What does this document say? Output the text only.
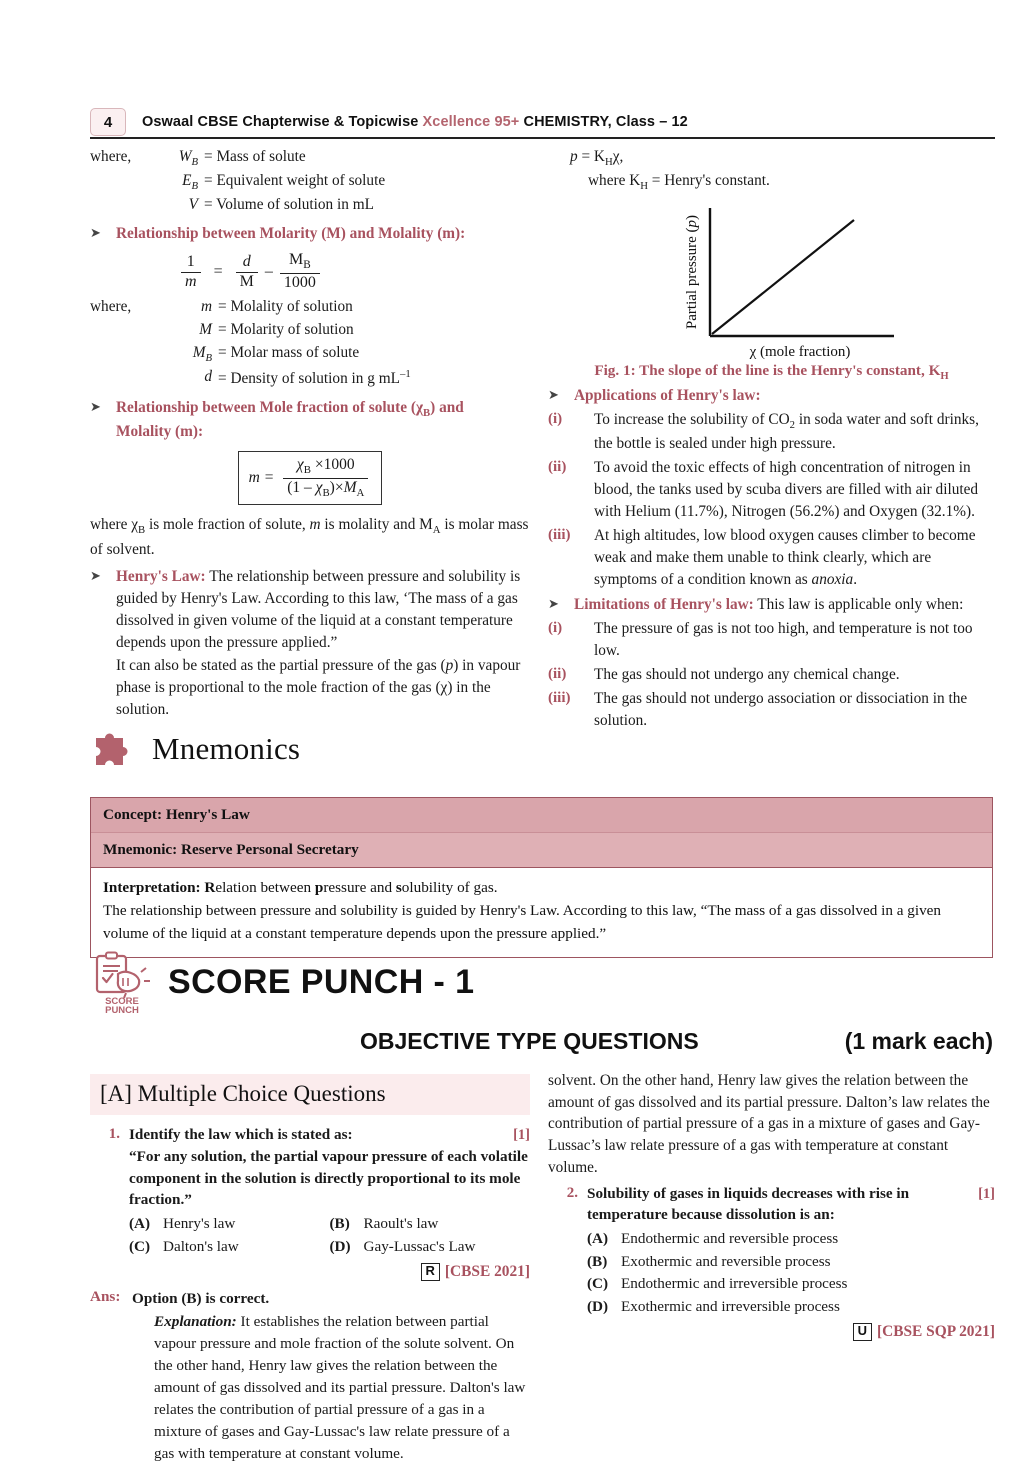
4	Oswaal CBSE Chapterwise & Topicwise Xcellence 95+ CHEMISTRY, Class – 12
where,	$W_B$ = Mass of solute
$E_B$ = Equivalent weight of solute
V = Volume of solution in mL
➤ Relationship between Molarity (M) and Molality (m):
$\frac{1}{m} = \frac{d}{M} - \frac{M_B}{1000}$
where,	m = Molality of solution
M = Molarity of solution
$M_B$ = Molar mass of solute
d = Density of solution in g $mL^{-1}$
➤ Relationship between Mole fraction of solute $(\chi_B)$ and
Molality (m):
$m = \frac{\chi_B \times 1000}{(1 - \chi_B)\times M_A}$
where $\chi_B$ is mole fraction of solute, m is molality and $M_A$ is molar mass of solvent.
➤ Henry's Law: The relationship between pressure and solubility is guided by Henry's Law. According to this law, ‘The mass of a gas dissolved in given volume of the liquid at a constant temperature depends upon the pressure applied.”
It can also be stated as the partial pressure of the gas (p) in vapour phase is proportional to the mole fraction of the gas (χ) in the solution.
$p = K_H\chi$,
where $K_H$ = Henry's constant.
Partial pressure (p)
χ (mole fraction)
Fig. 1: The slope of the line is the Henry's constant, $K_H$
➤ Applications of Henry's law:
(i)	To increase the solubility of $CO_2$ in soda water and soft drinks, the bottle is sealed under high pressure.
(ii)	To avoid the toxic effects of high concentration of nitrogen in blood, the tanks used by scuba divers are filled with air diluted with Helium (11.7%), Nitrogen (56.2%) and Oxygen (32.1%).
(iii)	At high altitudes, low blood oxygen causes climber to become weak and make them unable to think clearly, which are symptoms of a condition known as anoxia.
➤ Limitations of Henry's law: This law is applicable only when:
(i)	The pressure of gas is not too high, and temperature is not too low.
(ii)	The gas should not undergo any chemical change.
(iii)	The gas should not undergo association or dissociation in the solution.
Mnemonics
Concept: Henry's Law
Mnemonic: Reserve Personal Secretary
Interpretation: Relation between pressure and solubility of gas.
The relationship between pressure and solubility is guided by Henry's Law. According to this law, “The mass of a gas dissolved in a given volume of the liquid at a constant temperature depends upon the pressure applied.”
SCORE
PUNCH
SCORE PUNCH - 1
OBJECTIVE TYPE QUESTIONS	(1 mark each)
[A] Multiple Choice Questions
1. Identify the law which is stated as:	[1]
“For any solution, the partial vapour pressure of each volatile component in the solution is directly proportional to its mole fraction.”
(A) Henry's law	(B) Raoult's law
(C) Dalton's law	(D) Gay-Lussac's Law
R [CBSE 2021]
Ans: Option (B) is correct.
Explanation: It establishes the relation between partial vapour pressure and mole fraction of the solute solvent. On the other hand, Henry law gives the relation between the amount of gas dissolved and its partial pressure. Dalton's law relates the contribution of partial pressure of a gas in a mixture of gases and Gay-Lussac's law relate pressure of a gas with temperature at constant volume.
solvent. On the other hand, Henry law gives the relation between the amount of gas dissolved and its partial pressure. Dalton’s law relates the contribution of partial pressure of a gas in a mixture of gases and Gay-Lussac’s law relate pressure of a gas with temperature at constant volume.
2. Solubility of gases in liquids decreases with rise in temperature because dissolution is an:
[1]
(A) Endothermic and reversible process
(B) Exothermic and reversible process
(C) Endothermic and irreversible process
(D) Exothermic and irreversible process
U [CBSE SQP 2021]
